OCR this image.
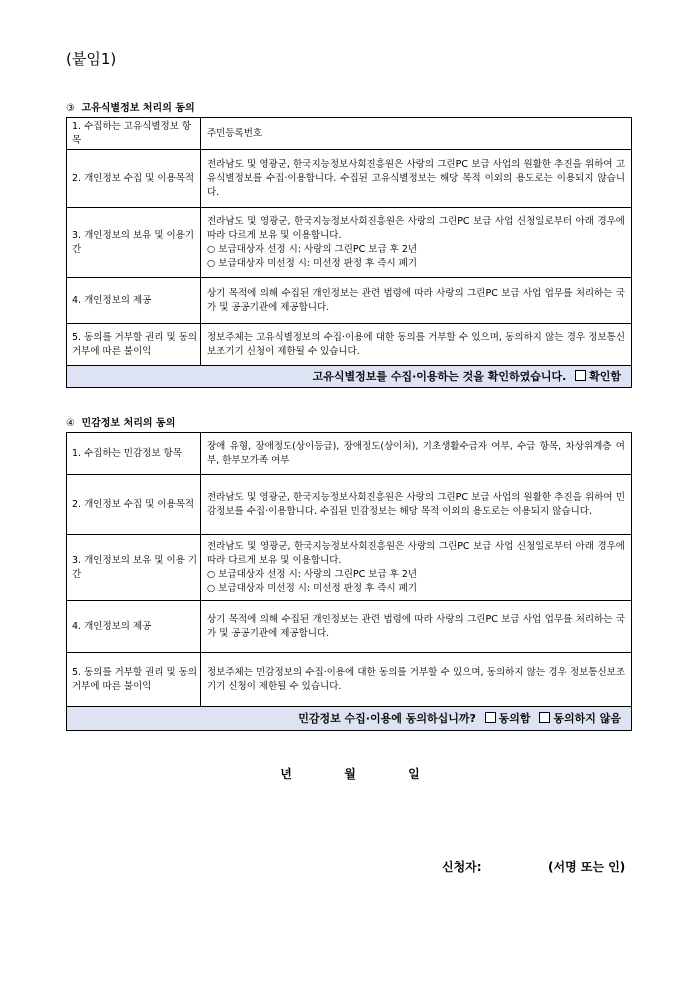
(붙임1)
③ 고유식별정보 처리의 동의
1. 수집하는 고유식별정보 항목	주민등록번호

2. 개인정보 수집 및 이용목적	전라남도 및 영광군, 한국지능정보사회진흥원은 사랑의 그린PC 보급 사업의 원활한 추진을 위하여 고유식별정보를 수집·이용합니다. 수집된 고유식별정보는 해당 목적 이외의 용도로는 이용되지 않습니다.

3. 개인정보의 보유 및 이용기간	전라남도 및 영광군, 한국지능정보사회진흥원은 사랑의 그린PC 보급 사업 신청일로부터 아래 경우에 따라 다르게 보유 및 이용합니다.
○ 보급대상자 선정 시: 사랑의 그린PC 보급 후 2년
○ 보급대상자 미선정 시: 미선정 판정 후 즉시 폐기

4. 개인정보의 제공	상기 목적에 의해 수집된 개인정보는 관련 법령에 따라 사랑의 그린PC 보급 사업 업무를 처리하는 국가 및 공공기관에 제공합니다.

5. 동의를 거부할 권리 및 동의 거부에 따른 불이익	정보주체는 고유식별정보의 수집·이용에 대한 동의를 거부할 수 있으며, 동의하지 않는 경우 정보통신보조기기 신청이 제한될 수 있습니다.

고유식별정보를 수집·이용하는 것을 확인하였습니다. 확인함	
④ 민감정보 처리의 동의
1. 수집하는 민감정보 항목	장애 유형, 장애정도(상이등급), 장애정도(상이처), 기초생활수급자 여부, 수급 항목, 차상위계층 여부, 한부모가족 여부

2. 개인정보 수집 및 이용목적	전라남도 및 영광군, 한국지능정보사회진흥원은 사랑의 그린PC 보급 사업의 원활한 추진을 위하여 민감정보를 수집·이용합니다. 수집된 민감정보는 해당 목적 이외의 용도로는 이용되지 않습니다.

3. 개인정보의 보유 및 이용 기간	전라남도 및 영광군, 한국지능정보사회진흥원은 사랑의 그린PC 보급 사업 신청일로부터 아래 경우에 따라 다르게 보유 및 이용합니다.
○ 보급대상자 선정 시: 사랑의 그린PC 보급 후 2년
○ 보급대상자 미선정 시: 미선정 판정 후 즉시 폐기

4. 개인정보의 제공	상기 목적에 의해 수집된 개인정보는 관련 법령에 따라 사랑의 그린PC 보급 사업 업무를 처리하는 국가 및 공공기관에 제공합니다.

5. 동의를 거부할 권리 및 동의 거부에 따른 불이익	정보주체는 민감정보의 수집·이용에 대한 동의를 거부할 수 있으며, 동의하지 않는 경우 정보통신보조기기 신청이 제한될 수 있습니다.

민감정보 수집·이용에 동의하십니까? 동의함 동의하지 않음	
년	월	일
신청자:	(서명 또는 인)
